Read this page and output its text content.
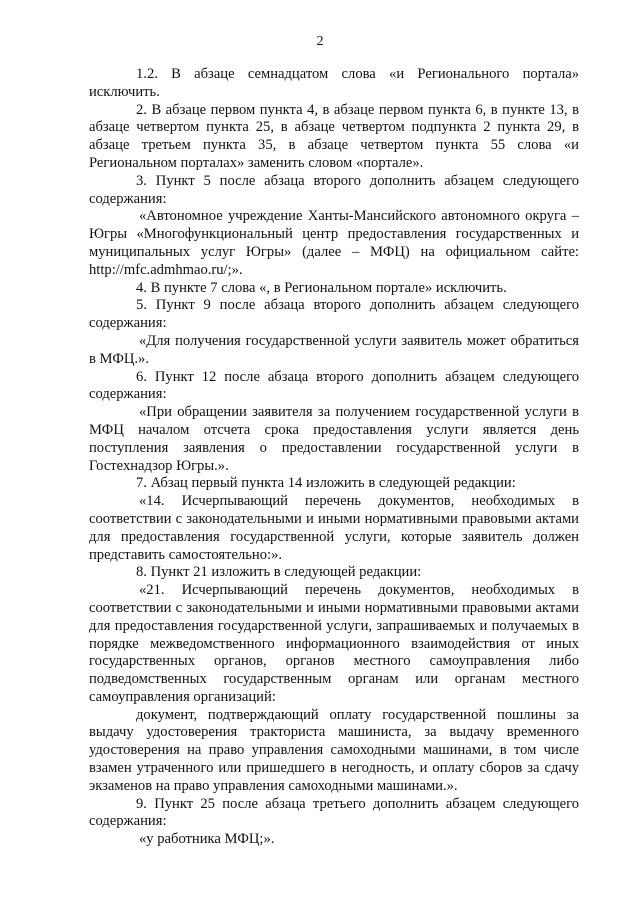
2

1.2. В абзаце семнадцатом слова «и Регионального портала» исключить.

2. В абзаце первом пункта 4, в абзаце первом пункта 6, в пункте 13, в абзаце четвертом пункта 25, в абзаце четвертом подпункта 2 пункта 29, в абзаце третьем пункта 35, в абзаце четвертом пункта 55 слова «и Региональном порталах» заменить словом «портале».

3. Пункт 5 после абзаца второго дополнить абзацем следующего содержания:

«Автономное учреждение Ханты-Мансийского автономного округа – Югры «Многофункциональный центр предоставления государственных и муниципальных услуг Югры» (далее – МФЦ) на официальном сайте: http://mfc.admhmao.ru/;».

4. В пункте 7 слова «, в Региональном портале» исключить.

5. Пункт 9 после абзаца второго дополнить абзацем следующего содержания:

«Для получения государственной услуги заявитель может обратиться в МФЦ.».

6. Пункт 12 после абзаца второго дополнить абзацем следующего содержания:

«При обращении заявителя за получением государственной услуги в МФЦ началом отсчета срока предоставления услуги является день поступления заявления о предоставлении государственной услуги в Гостехнадзор Югры.».

7. Абзац первый пункта 14 изложить в следующей редакции:

«14. Исчерпывающий перечень документов, необходимых в соответствии с законодательными и иными нормативными правовыми актами для предоставления государственной услуги, которые заявитель должен представить самостоятельно:».

8. Пункт 21 изложить в следующей редакции:

«21. Исчерпывающий перечень документов, необходимых в соответствии с законодательными и иными нормативными правовыми актами для предоставления государственной услуги, запрашиваемых и получаемых в порядке межведомственного информационного взаимодействия от иных государственных органов, органов местного самоуправления либо подведомственных государственным органам или органам местного самоуправления организаций:

документ, подтверждающий оплату государственной пошлины за выдачу удостоверения тракториста машиниста, за выдачу временного удостоверения на право управления самоходными машинами, в том числе взамен утраченного или пришедшего в негодность, и оплату сборов за сдачу экзаменов на право управления самоходными машинами.».

9. Пункт 25 после абзаца третьего дополнить абзацем следующего содержания:

«у работника МФЦ;».
